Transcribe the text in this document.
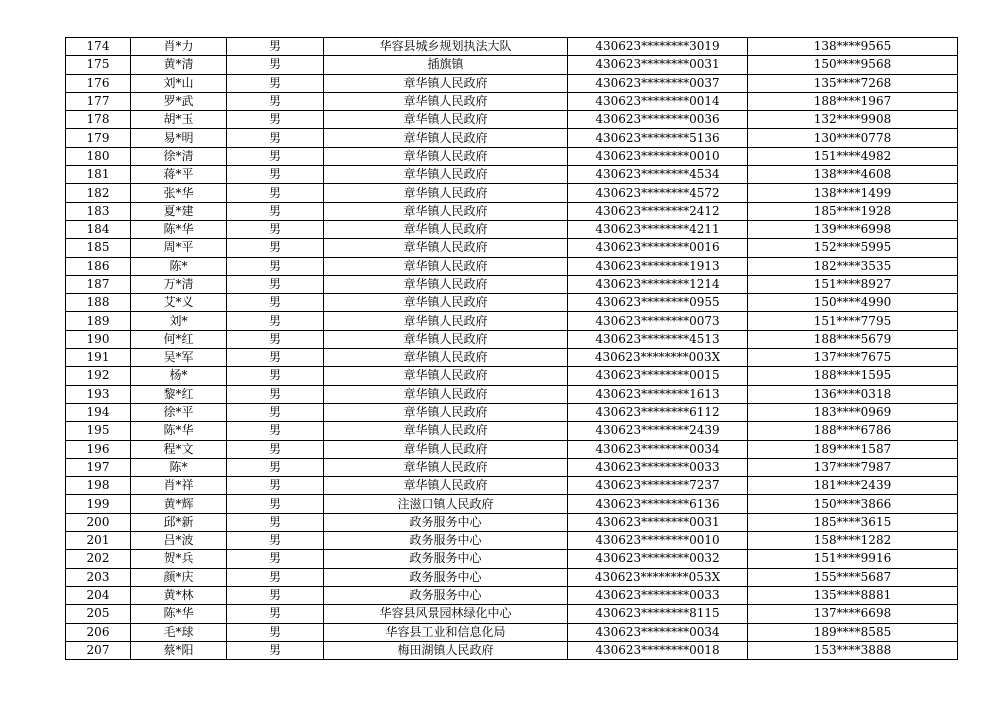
174	肖*力	男	华容县城乡规划执法大队	430623********3019	138****9565
175	黄*清	男	插旗镇	430623********0031	150****9568
176	刘*山	男	章华镇人民政府	430623********0037	135****7268
177	罗*武	男	章华镇人民政府	430623********0014	188****1967
178	胡*玉	男	章华镇人民政府	430623********0036	132****9908
179	易*明	男	章华镇人民政府	430623********5136	130****0778
180	徐*清	男	章华镇人民政府	430623********0010	151****4982
181	蒋*平	男	章华镇人民政府	430623********4534	138****4608
182	张*华	男	章华镇人民政府	430623********4572	138****1499
183	夏*建	男	章华镇人民政府	430623********2412	185****1928
184	陈*华	男	章华镇人民政府	430623********4211	139****6998
185	周*平	男	章华镇人民政府	430623********0016	152****5995
186	陈*	男	章华镇人民政府	430623********1913	182****3535
187	万*清	男	章华镇人民政府	430623********1214	151****8927
188	艾*义	男	章华镇人民政府	430623********0955	150****4990
189	刘*	男	章华镇人民政府	430623********0073	151****7795
190	何*红	男	章华镇人民政府	430623********4513	188****5679
191	吴*军	男	章华镇人民政府	430623********003X	137****7675
192	杨*	男	章华镇人民政府	430623********0015	188****1595
193	黎*红	男	章华镇人民政府	430623********1613	136****0318
194	徐*平	男	章华镇人民政府	430623********6112	183****0969
195	陈*华	男	章华镇人民政府	430623********2439	188****6786
196	程*文	男	章华镇人民政府	430623********0034	189****1587
197	陈*	男	章华镇人民政府	430623********0033	137****7987
198	肖*祥	男	章华镇人民政府	430623********7237	181****2439
199	黄*辉	男	注滋口镇人民政府	430623********6136	150****3866
200	邱*新	男	政务服务中心	430623********0031	185****3615
201	吕*波	男	政务服务中心	430623********0010	158****1282
202	贺*兵	男	政务服务中心	430623********0032	151****9916
203	颜*庆	男	政务服务中心	430623********053X	155****5687
204	黄*林	男	政务服务中心	430623********0033	135****8881
205	陈*华	男	华容县风景园林绿化中心	430623********8115	137****6698
206	毛*球	男	华容县工业和信息化局	430623********0034	189****8585
207	蔡*阳	男	梅田湖镇人民政府	430623********0018	153****3888
